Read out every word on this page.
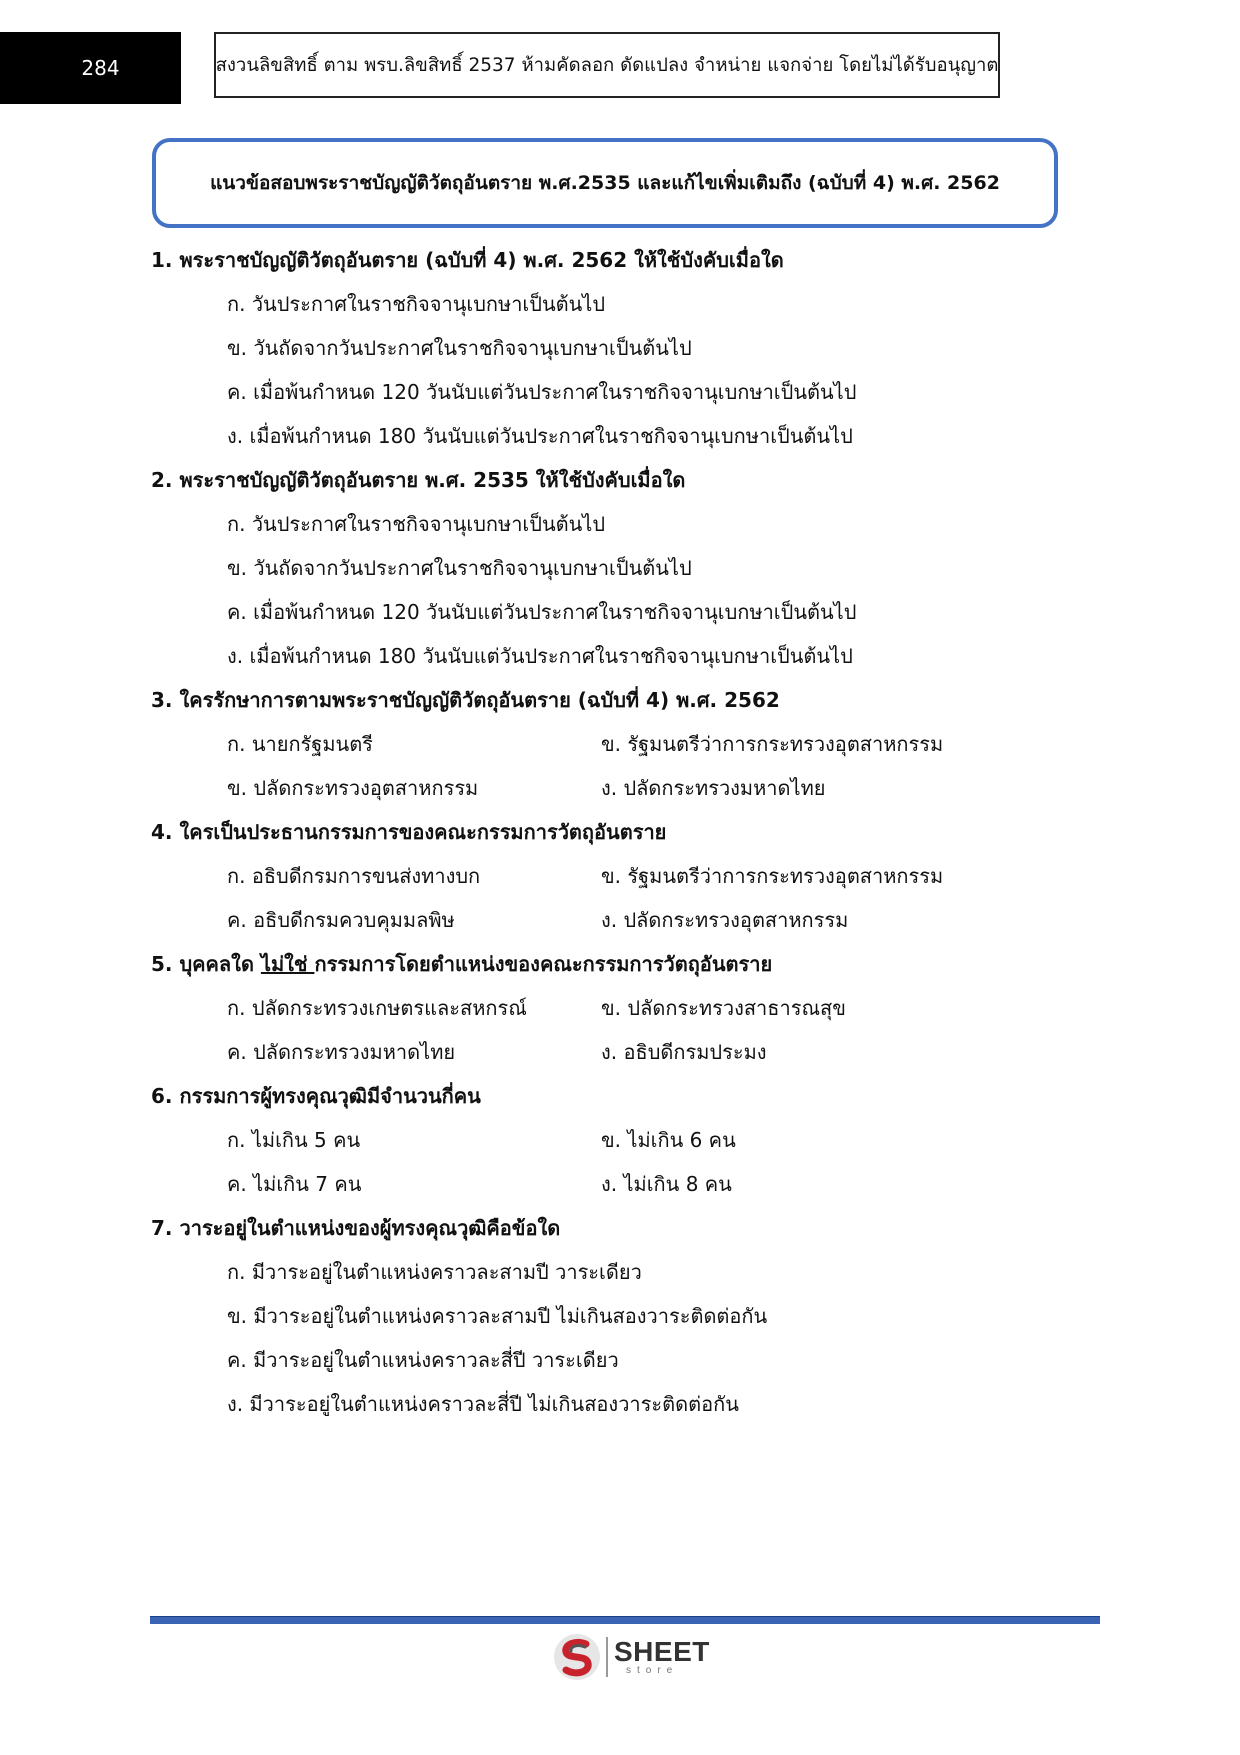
284	สงวนลิขสิทธิ์ ตาม พรบ.ลิขสิทธิ์ 2537 ห้ามคัดลอก ดัดแปลง จำหน่าย แจกจ่าย โดยไม่ได้รับอนุญาต
แนวข้อสอบพระราชบัญญัติวัตถุอันตราย พ.ศ.2535 และแก้ไขเพิ่มเติมถึง (ฉบับที่ 4) พ.ศ. 2562
1. พระราชบัญญัติวัตถุอันตราย (ฉบับที่ 4) พ.ศ. 2562 ให้ใช้บังคับเมื่อใด
ก. วันประกาศในราชกิจจานุเบกษาเป็นต้นไป
ข. วันถัดจากวันประกาศในราชกิจจานุเบกษาเป็นต้นไป
ค. เมื่อพ้นกำหนด 120 วันนับแต่วันประกาศในราชกิจจานุเบกษาเป็นต้นไป
ง. เมื่อพ้นกำหนด 180 วันนับแต่วันประกาศในราชกิจจานุเบกษาเป็นต้นไป
2. พระราชบัญญัติวัตถุอันตราย พ.ศ. 2535 ให้ใช้บังคับเมื่อใด
ก. วันประกาศในราชกิจจานุเบกษาเป็นต้นไป
ข. วันถัดจากวันประกาศในราชกิจจานุเบกษาเป็นต้นไป
ค. เมื่อพ้นกำหนด 120 วันนับแต่วันประกาศในราชกิจจานุเบกษาเป็นต้นไป
ง. เมื่อพ้นกำหนด 180 วันนับแต่วันประกาศในราชกิจจานุเบกษาเป็นต้นไป
3. ใครรักษาการตามพระราชบัญญัติวัตถุอันตราย (ฉบับที่ 4) พ.ศ. 2562
ก. นายกรัฐมนตรี	ข. รัฐมนตรีว่าการกระทรวงอุตสาหกรรม
ข. ปลัดกระทรวงอุตสาหกรรม	ง. ปลัดกระทรวงมหาดไทย
4. ใครเป็นประธานกรรมการของคณะกรรมการวัตถุอันตราย
ก. อธิบดีกรมการขนส่งทางบก	ข. รัฐมนตรีว่าการกระทรวงอุตสาหกรรม
ค. อธิบดีกรมควบคุมมลพิษ	ง. ปลัดกระทรวงอุตสาหกรรม
5. บุคคลใด ไม่ใช่ กรรมการโดยตำแหน่งของคณะกรรมการวัตถุอันตราย
ก. ปลัดกระทรวงเกษตรและสหกรณ์	ข. ปลัดกระทรวงสาธารณสุข
ค. ปลัดกระทรวงมหาดไทย	ง. อธิบดีกรมประมง
6. กรรมการผู้ทรงคุณวุฒิมีจำนวนกี่คน
ก. ไม่เกิน 5 คน	ข. ไม่เกิน 6 คน
ค. ไม่เกิน 7 คน	ง. ไม่เกิน 8 คน
7. วาระอยู่ในตำแหน่งของผู้ทรงคุณวุฒิคือข้อใด
ก. มีวาระอยู่ในตำแหน่งคราวละสามปี วาระเดียว
ข. มีวาระอยู่ในตำแหน่งคราวละสามปี ไม่เกินสองวาระติดต่อกัน
ค. มีวาระอยู่ในตำแหน่งคราวละสี่ปี วาระเดียว
ง. มีวาระอยู่ในตำแหน่งคราวละสี่ปี ไม่เกินสองวาระติดต่อกัน
SHEET
store
